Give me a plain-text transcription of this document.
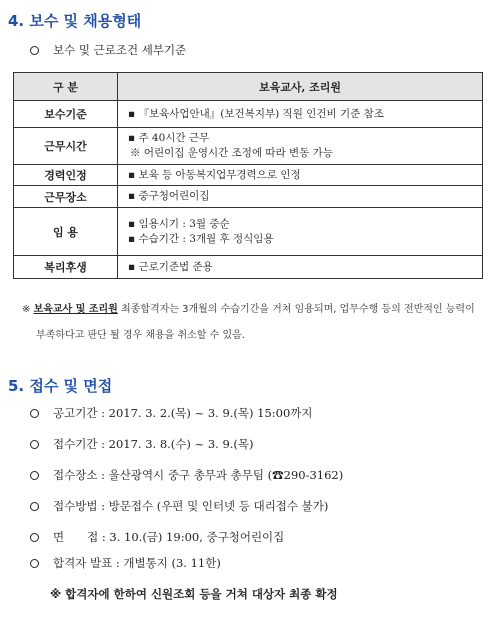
4. 보수 및 채용형태
보수 및 근로조건 세부기준
구 분	보육교사, 조리원
보수기준	▪ 『보육사업안내』(보건복지부) 직원 인건비 기준 참조

근무시간	▪ 주 40시간 근무
※ 어린이집 운영시간 조정에 따라 변동 가능

경력인정	▪ 보육 등 아동복지업무경력으로 인정

근무장소	▪ 중구청어린이집

임 용	▪ 임용시기 : 3월 중순
▪ 수습기간 : 3개월 후 정식임용

복리후생	▪ 근로기준법 준용
※ 보육교사 및 조리원 최종합격자는 3개월의 수습기간을 거쳐 임용되며, 업무수행 등의 전반적인 능력이
부족하다고 판단 될 경우 채용을 취소할 수 있음.
5. 접수 및 면접
공고기간 : 2017. 3. 2.(목) ~ 3. 9.(목) 15:00까지
접수기간 : 2017. 3. 8.(수) ~ 3. 9.(목)
접수장소 : 울산광역시 중구 총무과 총무팀 (☎290-3162)
접수방법 : 방문접수 (우편 및 인터넷 등 대리접수 불가)
면　　접 : 3. 10.(금) 19:00, 중구청어린이집
합격자 발표 : 개별통지 (3. 11한)
※ 합격자에 한하여 신원조회 등을 거쳐 대상자 최종 확정
